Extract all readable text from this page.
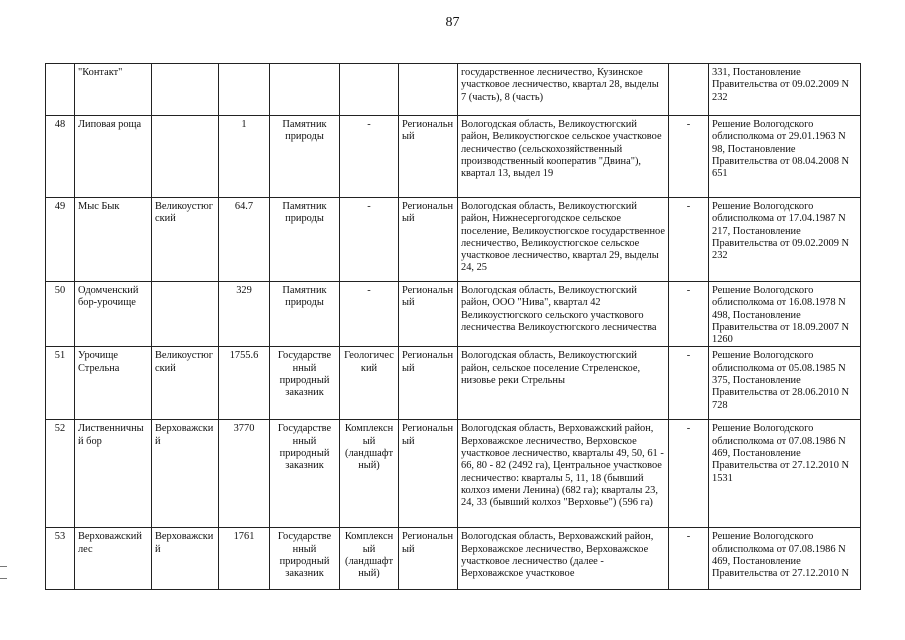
87
	"Контакт"						государственное лесничество, Кузинское участковое лесничество, квартал 28, выделы 7 (часть), 8 (часть)		331, Постановление Правительства от 09.02.2009 N 232
48	Липовая роща		1	Памятник природы	-	Региональн ый	Вологодская область, Великоустюгский район, Великоустюгское сельское участковое лесничество (сельскохозяйственный производственный кооператив "Двина"), квартал 13, выдел 19	-	Решение Вологодского облисполкома от 29.01.1963 N 98, Постановление Правительства от 08.04.2008 N 651
49	Мыс Бык	Великоустюг ский	64.7	Памятник природы	-	Региональн ый	Вологодская область, Великоустюгский район, Нижнесергогодское сельское поселение, Великоустюгское государственное лесничество, Великоустюгское сельское участковое лесничество, квартал 29, выделы 24, 25	-	Решение Вологодского облисполкома от 17.04.1987 N 217, Постановление Правительства от 09.02.2009 N 232
50	Одомченский бор-урочище		329	Памятник природы	-	Региональн ый	Вологодская область, Великоустюгский район, ООО "Нива", квартал 42 Великоустюгского сельского участкового лесничества Великоустюгского лесничества	-	Решение Вологодского облисполкома от 16.08.1978 N 498, Постановление Правительства от 18.09.2007 N 1260
51	Урочище Стрельна	Великоустюг ский	1755.6	Государстве нный природный заказник	Геологичес кий	Региональн ый	Вологодская область, Великоустюгский район, сельское поселение Стреленское, низовье реки Стрельны	-	Решение Вологодского облисполкома от 05.08.1985 N 375, Постановление Правительства от 28.06.2010 N 728
52	Лиственничны й бор	Верховажски й	3770	Государстве нный природный заказник	Комплексн ый (ландшафт ный)	Региональн ый	Вологодская область, Верховажский район, Верховажское лесничество, Верховское участковое лесничество, кварталы 49, 50, 61 - 66, 80 - 82 (2492 га), Центральное участковое лесничество: кварталы 5, 11, 18 (бывший колхоз имени Ленина) (682 га); кварталы 23, 24, 33 (бывший колхоз "Верховье") (596 га)	-	Решение Вологодского облисполкома от 07.08.1986 N 469, Постановление Правительства от 27.12.2010 N 1531
53	Верховажский лес	Верховажски й	1761	Государстве нный природный заказник	Комплексн ый (ландшафт ный)	Региональн ый	Вологодская область, Верховажский район, Верховажское лесничество, Верховажское участковое лесничество (далее - Верховажское участковое	-	Решение Вологодского облисполкома от 07.08.1986 N 469, Постановление Правительства от 27.12.2010 N
